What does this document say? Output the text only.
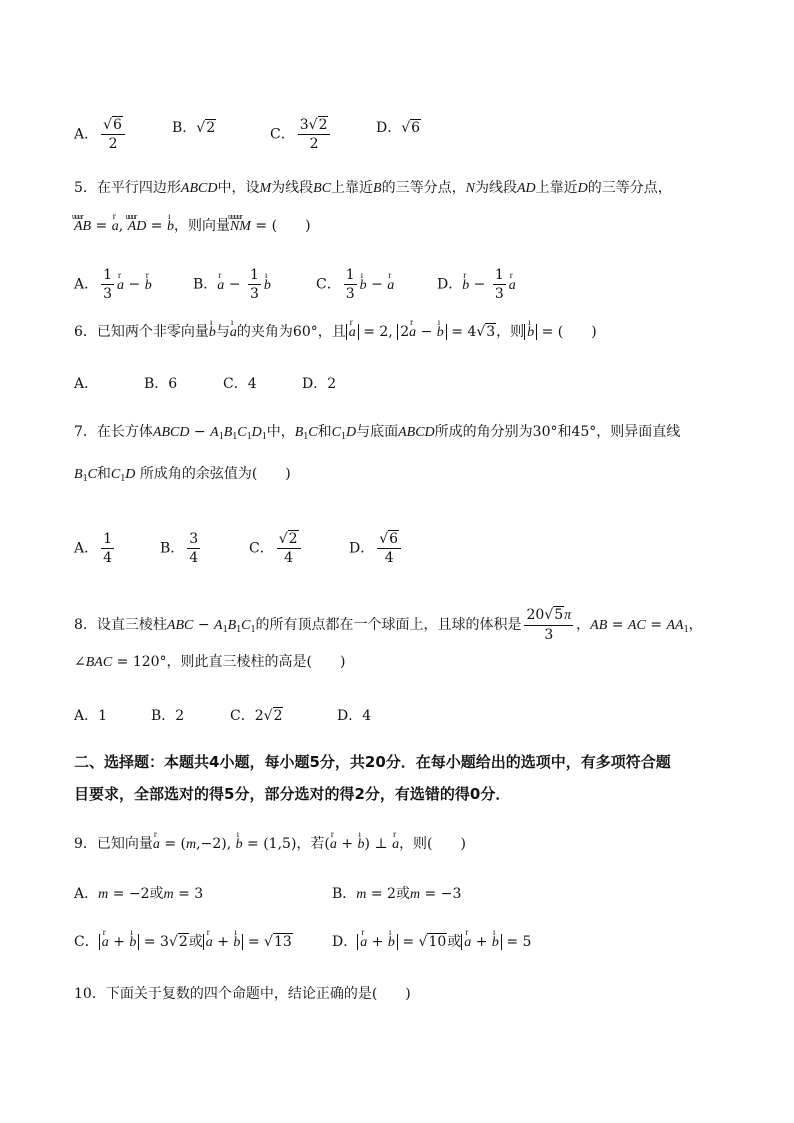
A． $\frac{√6}{2}$	B．√2	C． $\frac{3√2}{2}$	D．√6
5．在平行四边形ABCD中，设M为线段BC上靠近B的三等分点，N为线段AD上靠近D的三等分点，
uuur AB = r a, uuur AD = ı b，则向量uuuur NM = (　　)
A． $\frac{1}{3}$ r a − r b	B．r $a - \frac{1}{3}$ ı b	C． $\frac{1}{3}$ ı b − r a	D．r $b - \frac{1}{3}$ r a
6．已知两个非零向量ı b与ı a的夹角为60°，且 r a = 2, 2r a − ı b = 4√3，则 ı b = (　　)
A．	B．6	C．4	D．2
7．在长方体ABCD − $A_1B_1C_1D_1$中，$B_1C$和$C_1D$与底面ABCD所成的角分别为30°和45°，则异面直线
$B_1C$和$C_1D$ 所成角的余弦值为(　　)
A． $\frac{1}{4}$	B． $\frac{3}{4}$	C． $\frac{√2}{4}$	D． $\frac{√6}{4}$
8．设直三棱柱ABC − $A_1B_1C_1$的所有顶点都在一个球面上，且球的体积是 $\frac{20√5\pi}{3}$ ，AB = AC = $AA_1$，
∠BAC = 120°，则此直三棱柱的高是(　　)
A．1	B．2	C．2√2	D．4
二、选择题：本题共4小题，每小题5分，共20分．在每小题给出的选项中，有多项符合题
目要求，全部选对的得5分，部分选对的得2分，有选错的得0分．
9．已知向量r a = (m,−2), ı b = (1,5)，若(r a + ı b) ⊥ r a，则(　　)
A．m = −2或m = 3	B．m = 2或m = −3
C． r a + ı b = 3√2或 r a + ı b = √13	D． r a + ı b = √10或 r a + ı b = 5
10．下面关于复数的四个命题中，结论正确的是(　　)
